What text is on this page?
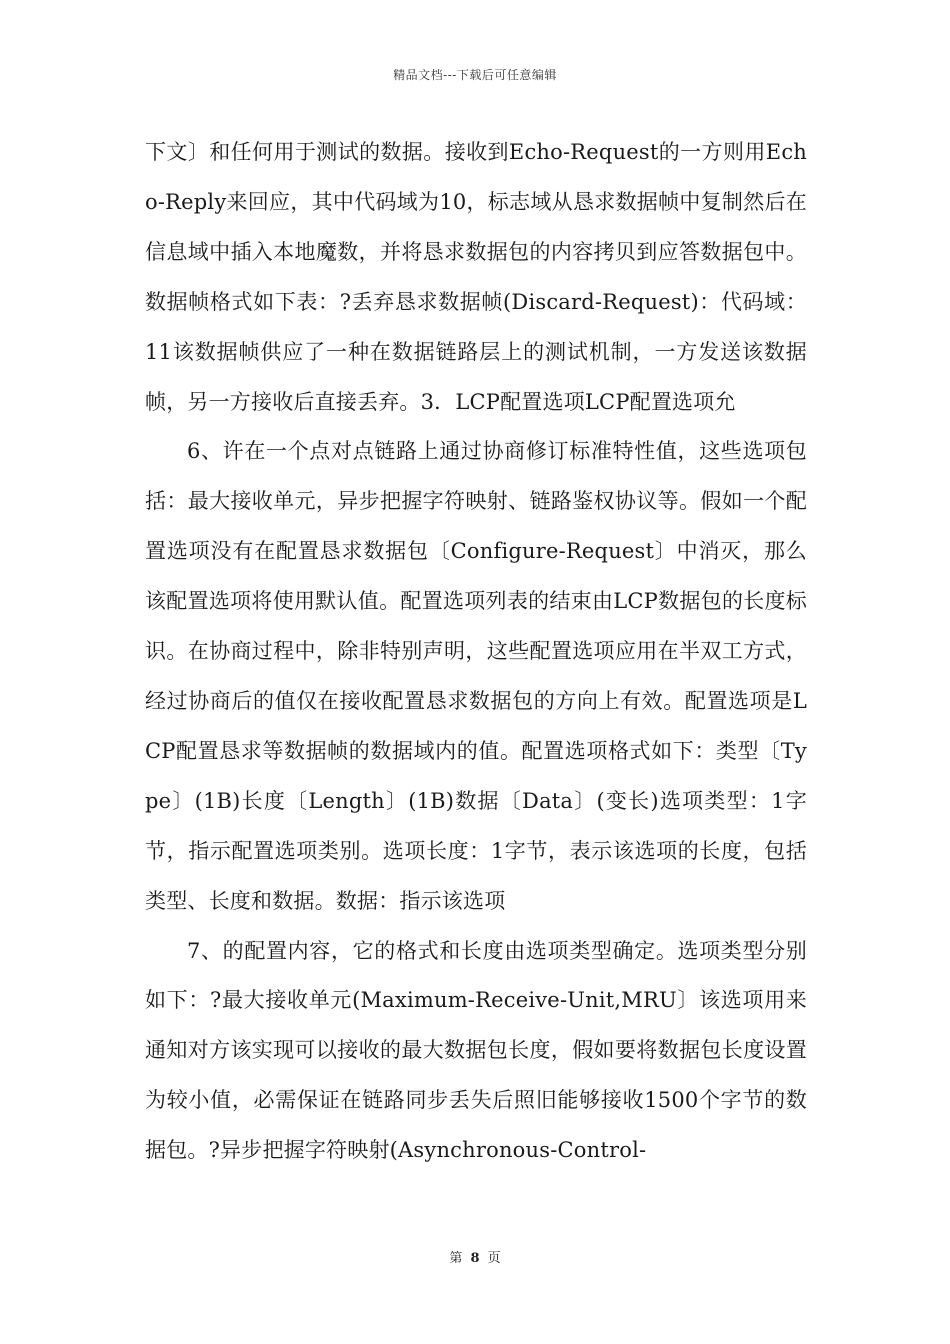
精品文档---下载后可任意编辑

下文〕和任何用于测试的数据。接收到Echo-Request的一方则用Echo-Reply来回应，其中代码域为10，标志域从恳求数据帧中复制然后在信息域中插入本地魔数，并将恳求数据包的内容拷贝到应答数据包中。数据帧格式如下表：?丢弃恳求数据帧(Discard-Request)：代码域：11该数据帧供应了一种在数据链路层上的测试机制，一方发送该数据帧，另一方接收后直接丢弃。3．LCP配置选项LCP配置选项允

6、许在一个点对点链路上通过协商修订标准特性值，这些选项包括：最大接收单元，异步把握字符映射、链路鉴权协议等。假如一个配置选项没有在配置恳求数据包〔Configure-Request〕中消灭，那么该配置选项将使用默认值。配置选项列表的结束由LCP数据包的长度标识。在协商过程中，除非特别声明，这些配置选项应用在半双工方式，经过协商后的值仅在接收配置恳求数据包的方向上有效。配置选项是LCP配置恳求等数据帧的数据域内的值。配置选项格式如下：类型〔Type〕(1B)长度〔Length〕(1B)数据〔Data〕(变长)选项类型：1字节，指示配置选项类别。选项长度：1字节，表示该选项的长度，包括类型、长度和数据。数据：指示该选项

7、的配置内容，它的格式和长度由选项类型确定。选项类型分别如下：?最大接收单元(Maximum-Receive-Unit,MRU〕该选项用来通知对方该实现可以接收的最大数据包长度，假如要将数据包长度设置为较小值，必需保证在链路同步丢失后照旧能够接收1500个字节的数据包。?异步把握字符映射(Asynchronous-Control-

第 8 页
